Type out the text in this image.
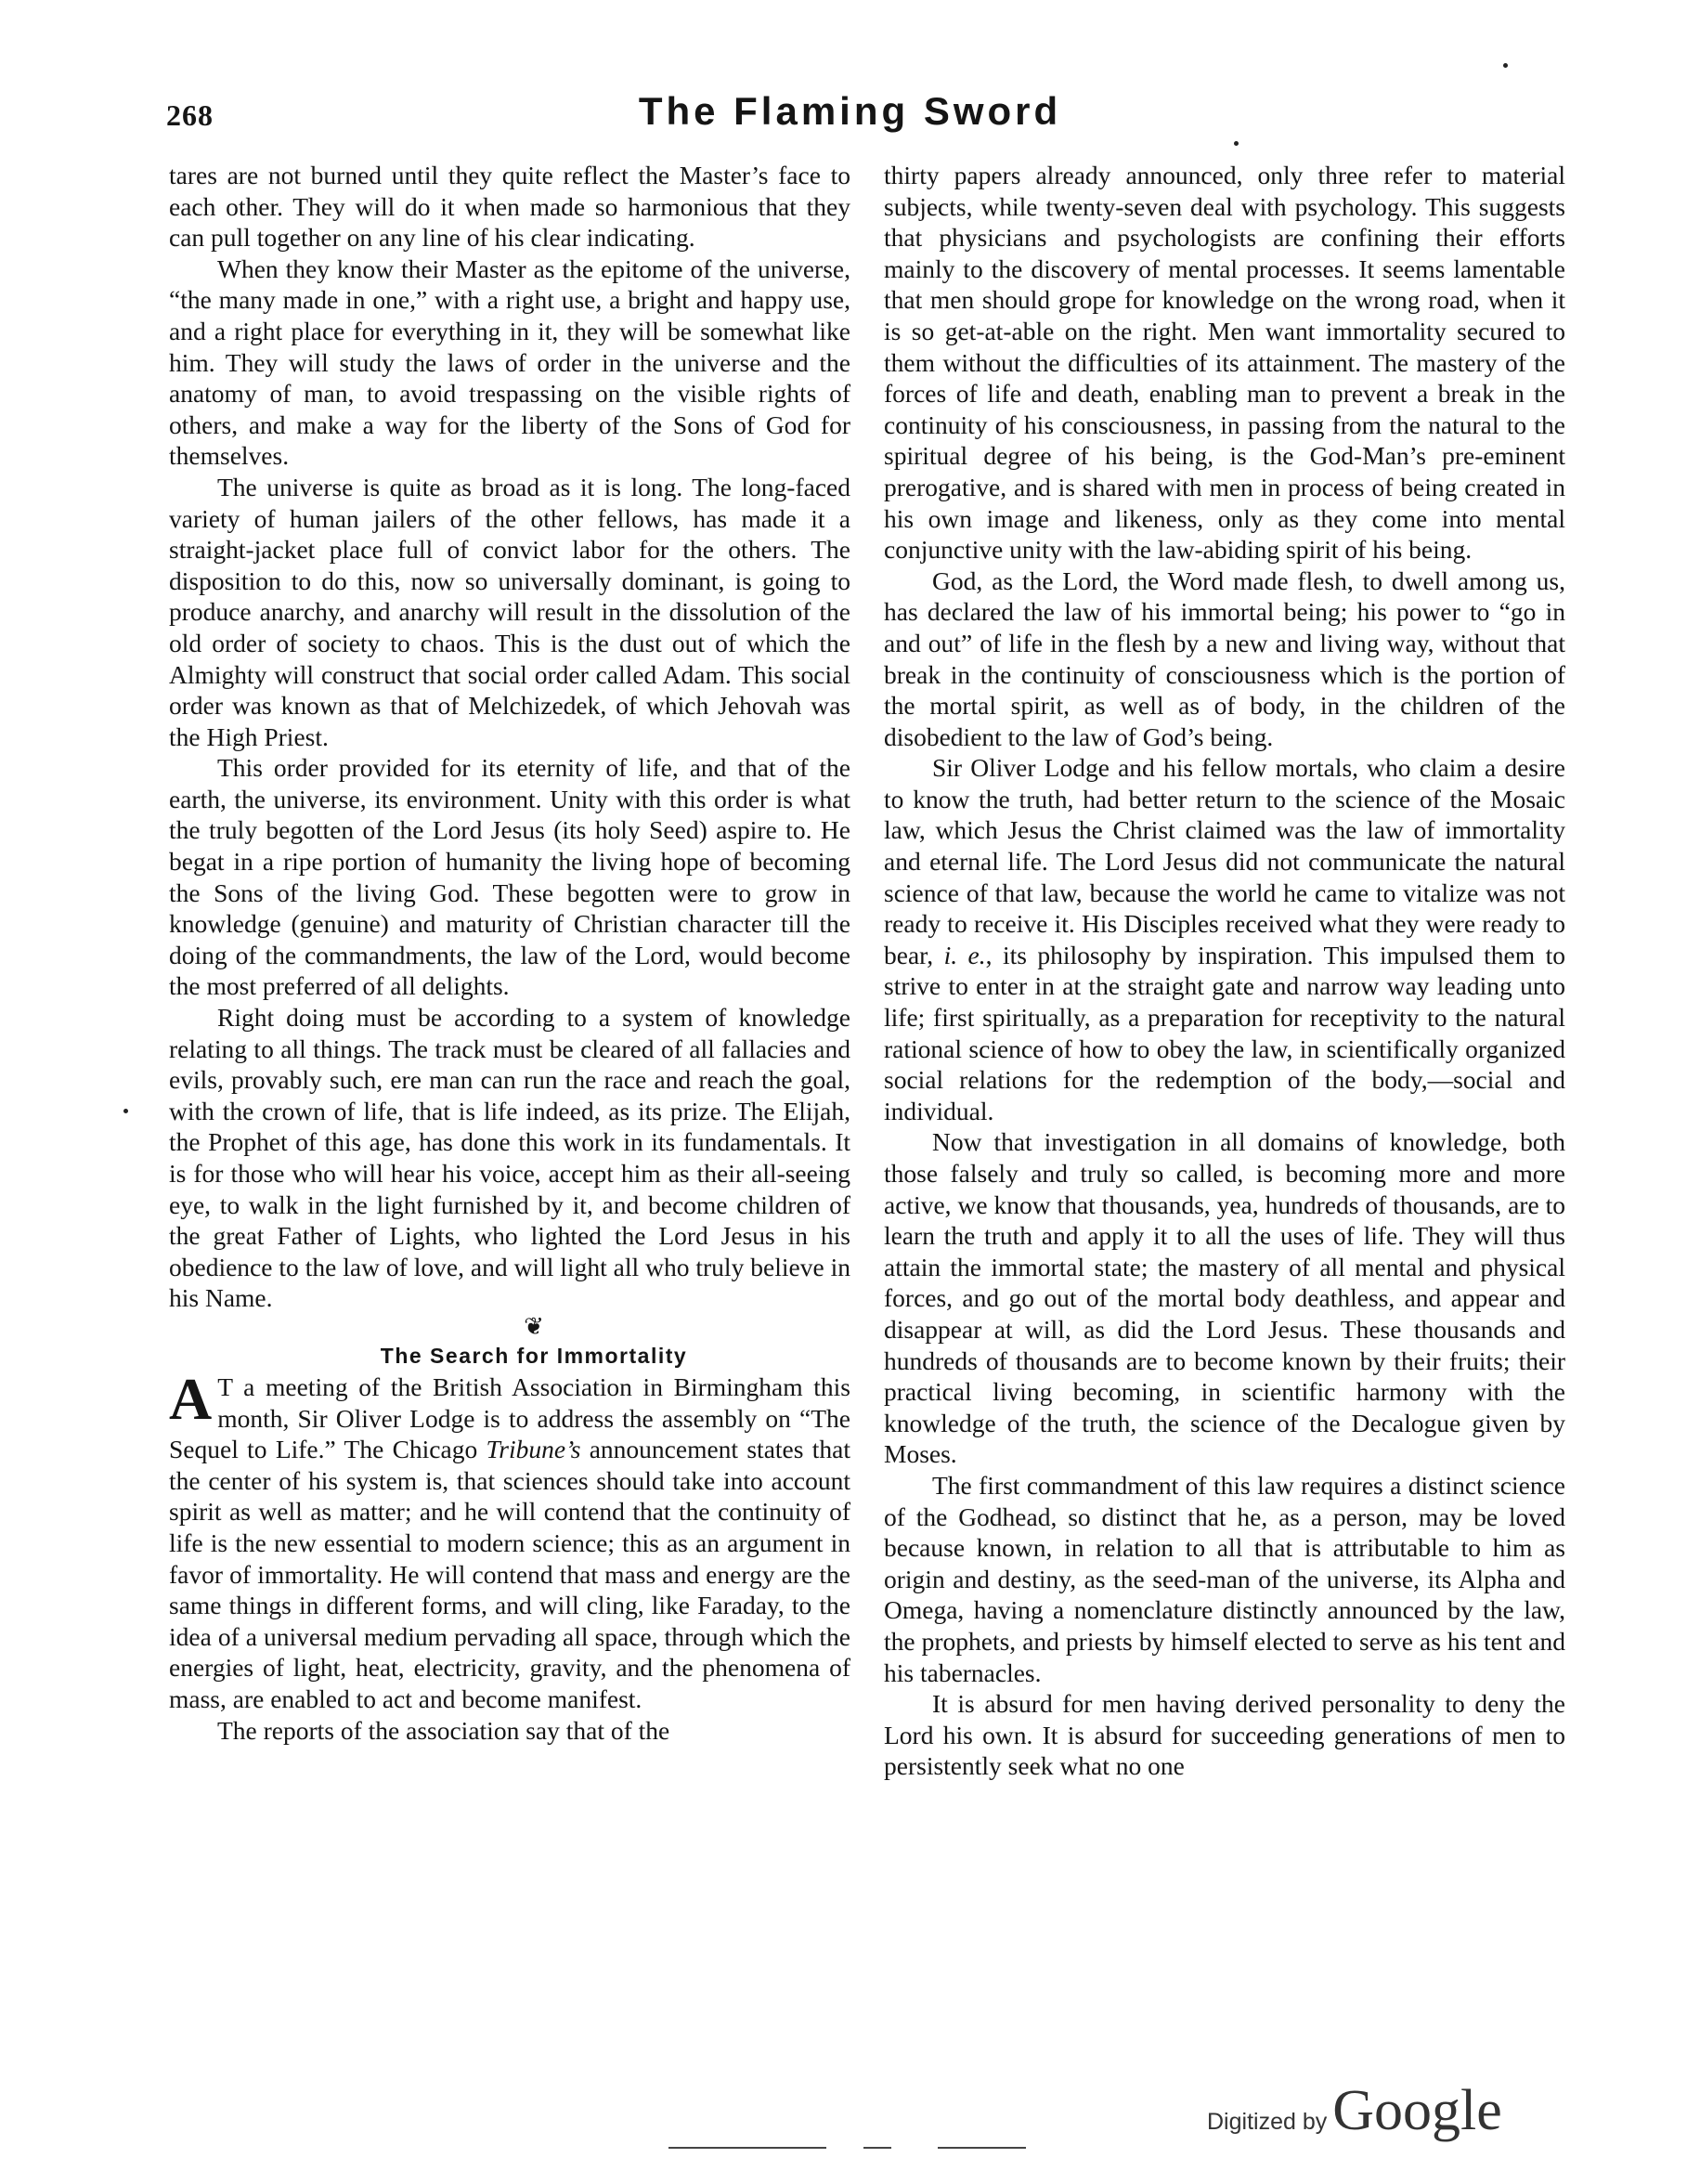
268	The Flaming Sword

tares are not burned until they quite reflect the Master’s face to each other. They will do it when made so harmonious that they can pull together on any line of his clear indicating.

When they know their Master as the epitome of the universe, “the many made in one,” with a right use, a bright and happy use, and a right place for everything in it, they will be somewhat like him. They will study the laws of order in the universe and the anatomy of man, to avoid trespassing on the visible rights of others, and make a way for the liberty of the Sons of God for themselves.

The universe is quite as broad as it is long. The long-faced variety of human jailers of the other fellows, has made it a straight-jacket place full of convict labor for the others. The disposition to do this, now so universally dominant, is going to produce anarchy, and anarchy will result in the dissolution of the old order of society to chaos. This is the dust out of which the Almighty will construct that social order called Adam. This social order was known as that of Melchizedek, of which Jehovah was the High Priest.

This order provided for its eternity of life, and that of the earth, the universe, its environment. Unity with this order is what the truly begotten of the Lord Jesus (its holy Seed) aspire to. He begat in a ripe portion of humanity the living hope of becoming the Sons of the living God. These begotten were to grow in knowledge (genuine) and maturity of Christian character till the doing of the commandments, the law of the Lord, would become the most preferred of all delights.

Right doing must be according to a system of knowledge relating to all things. The track must be cleared of all fallacies and evils, provably such, ere man can run the race and reach the goal, with the crown of life, that is life indeed, as its prize. The Elijah, the Prophet of this age, has done this work in its fundamentals. It is for those who will hear his voice, accept him as their all-seeing eye, to walk in the light furnished by it, and become children of the great Father of Lights, who lighted the Lord Jesus in his obedience to the law of love, and will light all who truly believe in his Name.

❦

The Search for Immortality

A T a meeting of the British Association in Birmingham this month, Sir Oliver Lodge is to address the assembly on “The Sequel to Life.” The Chicago Tribune’s announcement states that the center of his system is, that sciences should take into account spirit as well as matter; and he will contend that the continuity of life is the new essential to modern science; this as an argument in favor of immortality. He will contend that mass and energy are the same things in different forms, and will cling, like Faraday, to the idea of a universal medium pervading all space, through which the energies of light, heat, electricity, gravity, and the phenomena of mass, are enabled to act and become manifest.

The reports of the association say that of the

thirty papers already announced, only three refer to material subjects, while twenty-seven deal with psychology. This suggests that physicians and psychologists are confining their efforts mainly to the discovery of mental processes. It seems lamentable that men should grope for knowledge on the wrong road, when it is so get-at-able on the right. Men want immortality secured to them without the difficulties of its attainment. The mastery of the forces of life and death, enabling man to prevent a break in the continuity of his consciousness, in passing from the natural to the spiritual degree of his being, is the God-Man’s pre-eminent prerogative, and is shared with men in process of being created in his own image and likeness, only as they come into mental conjunctive unity with the law-abiding spirit of his being.

God, as the Lord, the Word made flesh, to dwell among us, has declared the law of his immortal being; his power to “go in and out” of life in the flesh by a new and living way, without that break in the continuity of consciousness which is the portion of the mortal spirit, as well as of body, in the children of the disobedient to the law of God’s being.

Sir Oliver Lodge and his fellow mortals, who claim a desire to know the truth, had better return to the science of the Mosaic law, which Jesus the Christ claimed was the law of immortality and eternal life. The Lord Jesus did not communicate the natural science of that law, because the world he came to vitalize was not ready to receive it. His Disciples received what they were ready to bear, i. e., its philosophy by inspiration. This impulsed them to strive to enter in at the straight gate and narrow way leading unto life; first spiritually, as a preparation for receptivity to the natural rational science of how to obey the law, in scientifically organized social relations for the redemption of the body,—social and individual.

Now that investigation in all domains of knowledge, both those falsely and truly so called, is becoming more and more active, we know that thousands, yea, hundreds of thousands, are to learn the truth and apply it to all the uses of life. They will thus attain the immortal state; the mastery of all mental and physical forces, and go out of the mortal body deathless, and appear and disappear at will, as did the Lord Jesus. These thousands and hundreds of thousands are to become known by their fruits; their practical living becoming, in scientific harmony with the knowledge of the truth, the science of the Decalogue given by Moses.

The first commandment of this law requires a distinct science of the Godhead, so distinct that he, as a person, may be loved because known, in relation to all that is attributable to him as origin and destiny, as the seed-man of the universe, its Alpha and Omega, having a nomenclature distinctly announced by the law, the prophets, and priests by himself elected to serve as his tent and his tabernacles.

It is absurd for men having derived personality to deny the Lord his own. It is absurd for succeeding generations of men to persistently seek what no one

Digitized by Google
